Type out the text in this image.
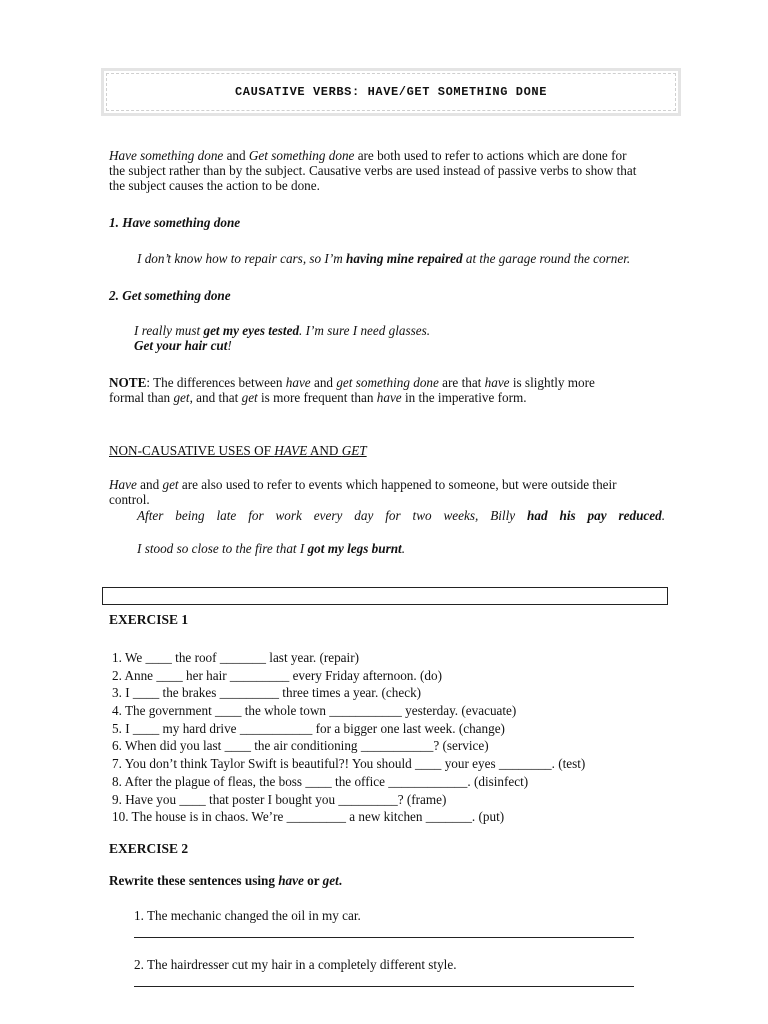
CAUSATIVE VERBS: HAVE/GET SOMETHING DONE
Have something done and Get something done are both used to refer to actions which are done for
the subject rather than by the subject. Causative verbs are used instead of passive verbs to show that
the subject causes the action to be done.
1. Have something done
I don’t know how to repair cars, so I’m having mine repaired at the garage round the corner.
2. Get something done
I really must get my eyes tested. I’m sure I need glasses.
Get your hair cut!
NOTE: The differences between have and get something done are that have is slightly more
formal than get, and that get is more frequent than have in the imperative form.
NON-CAUSATIVE USES OF HAVE AND GET
Have and get are also used to refer to events which happened to someone, but were outside their
control.
After being late for work every day for two weeks, Billy had his pay reduced.
I stood so close to the fire that I got my legs burnt.
EXERCISE 1
1. We ____ the roof _______ last year. (repair)
2. Anne ____ her hair _________ every Friday afternoon. (do)
3. I ____ the brakes _________ three times a year. (check)
4. The government ____ the whole town ___________ yesterday. (evacuate)
5. I ____ my hard drive ___________ for a bigger one last week. (change)
6. When did you last ____ the air conditioning ___________? (service)
7. You don’t think Taylor Swift is beautiful?! You should ____ your eyes ________. (test)
8. After the plague of fleas, the boss ____ the office ____________. (disinfect)
9. Have you ____ that poster I bought you _________? (frame)
10. The house is in chaos. We’re _________ a new kitchen _______. (put)
EXERCISE 2
Rewrite these sentences using have or get.
1. The mechanic changed the oil in my car.
2. The hairdresser cut my hair in a completely different style.
